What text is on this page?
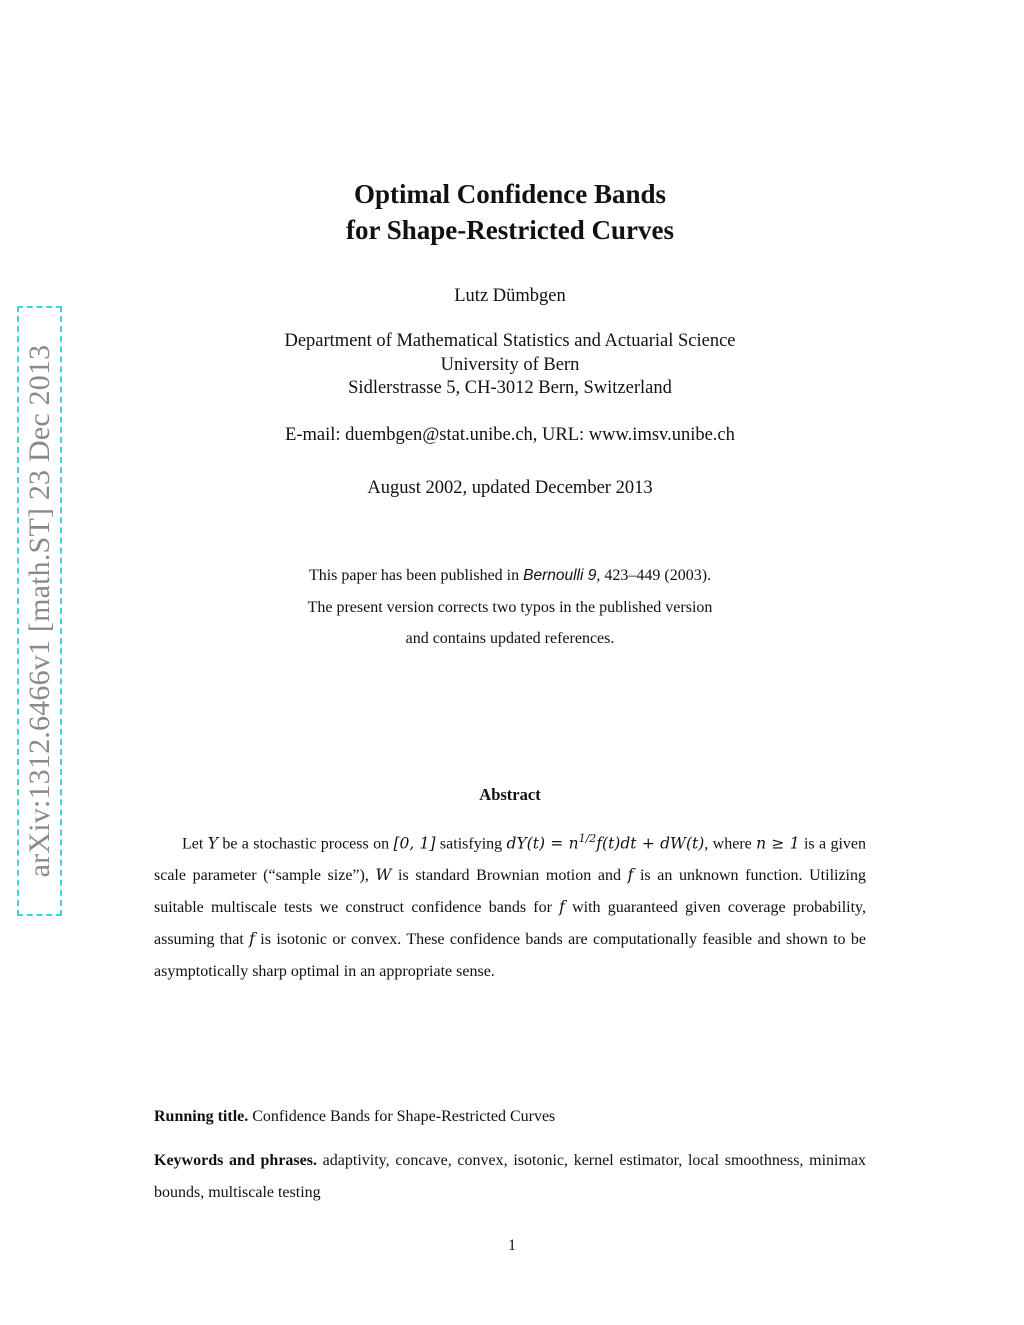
arXiv:1312.6466v1 [math.ST] 23 Dec 2013
Optimal Confidence Bands
for Shape-Restricted Curves
Lutz Dümbgen
Department of Mathematical Statistics and Actuarial Science
University of Bern
Sidlerstrasse 5, CH-3012 Bern, Switzerland
E-mail: duembgen@stat.unibe.ch, URL: www.imsv.unibe.ch
August 2002, updated December 2013
This paper has been published in Bernoulli 9, 423–449 (2003).
The present version corrects two typos in the published version
and contains updated references.
Abstract
Let Y be a stochastic process on [0, 1] satisfying $dY(t) = n^{1/2}f(t)dt + dW(t)$, where n ≥ 1 is a given scale parameter (“sample size”), W is standard Brownian motion and f is an unknown function. Utilizing suitable multiscale tests we construct confidence bands for f with guaranteed given coverage probability, assuming that f is isotonic or convex. These confidence bands are computationally feasible and shown to be asymptotically sharp optimal in an appropriate sense.
Running title. Confidence Bands for Shape-Restricted Curves
Keywords and phrases. adaptivity, concave, convex, isotonic, kernel estimator, local smoothness, minimax bounds, multiscale testing
1
